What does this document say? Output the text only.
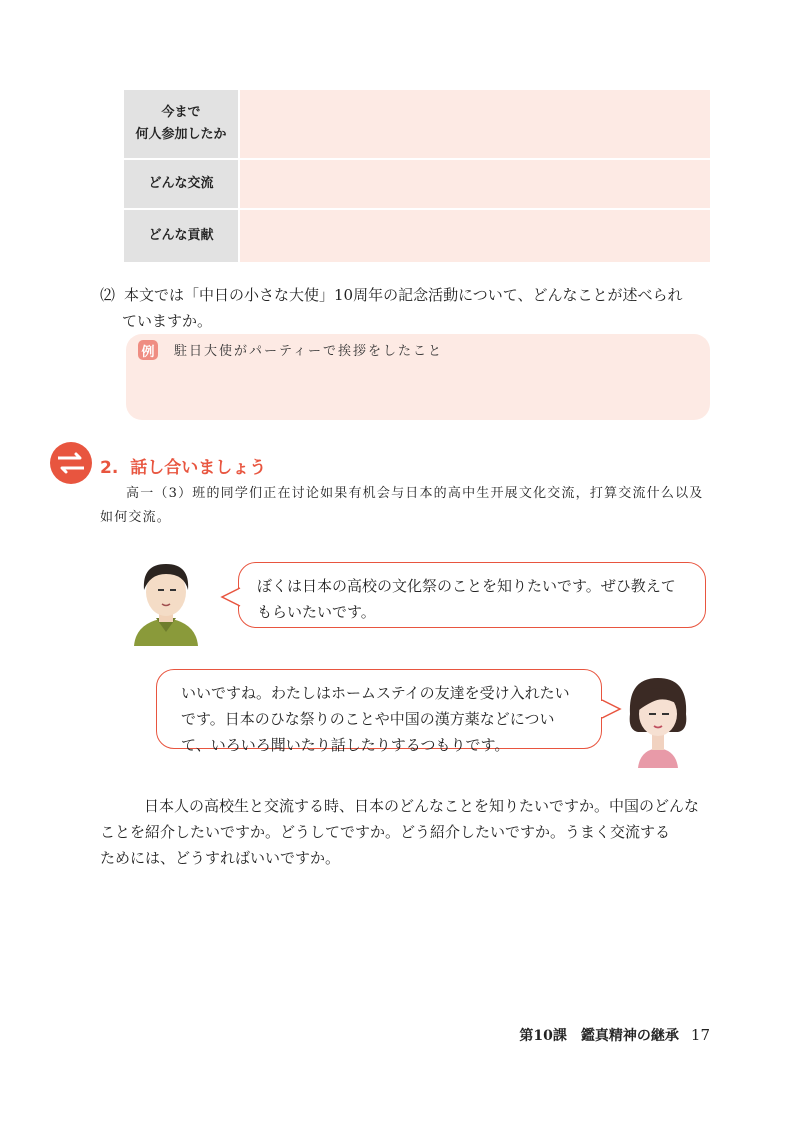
今まで
何人参加したか
どんな交流
どんな貢献
⑵ 本文では「中日の小さな大使」10周年の記念活動について、どんなことが述べられ
ていますか。
例 駐日大使がパーティーで挨拶をしたこと
2. 話し合いましょう
高一（3）班的同学们正在讨论如果有机会与日本的高中生开展文化交流，打算交流什么以及
如何交流。
ぼくは日本の高校の文化祭のことを知りたいです。ぜひ教えて
もらいたいです。
いいですね。わたしはホームステイの友達を受け入れたい
です。日本のひな祭りのことや中国の漢方薬などについ
て、いろいろ聞いたり話したりするつもりです。
日本人の高校生と交流する時、日本のどんなことを知りたいですか。中国のどんな
ことを紹介したいですか。どうしてですか。どう紹介したいですか。うまく交流する
ためには、どうすればいいですか。
第10課　鑑真精神の継承 17
